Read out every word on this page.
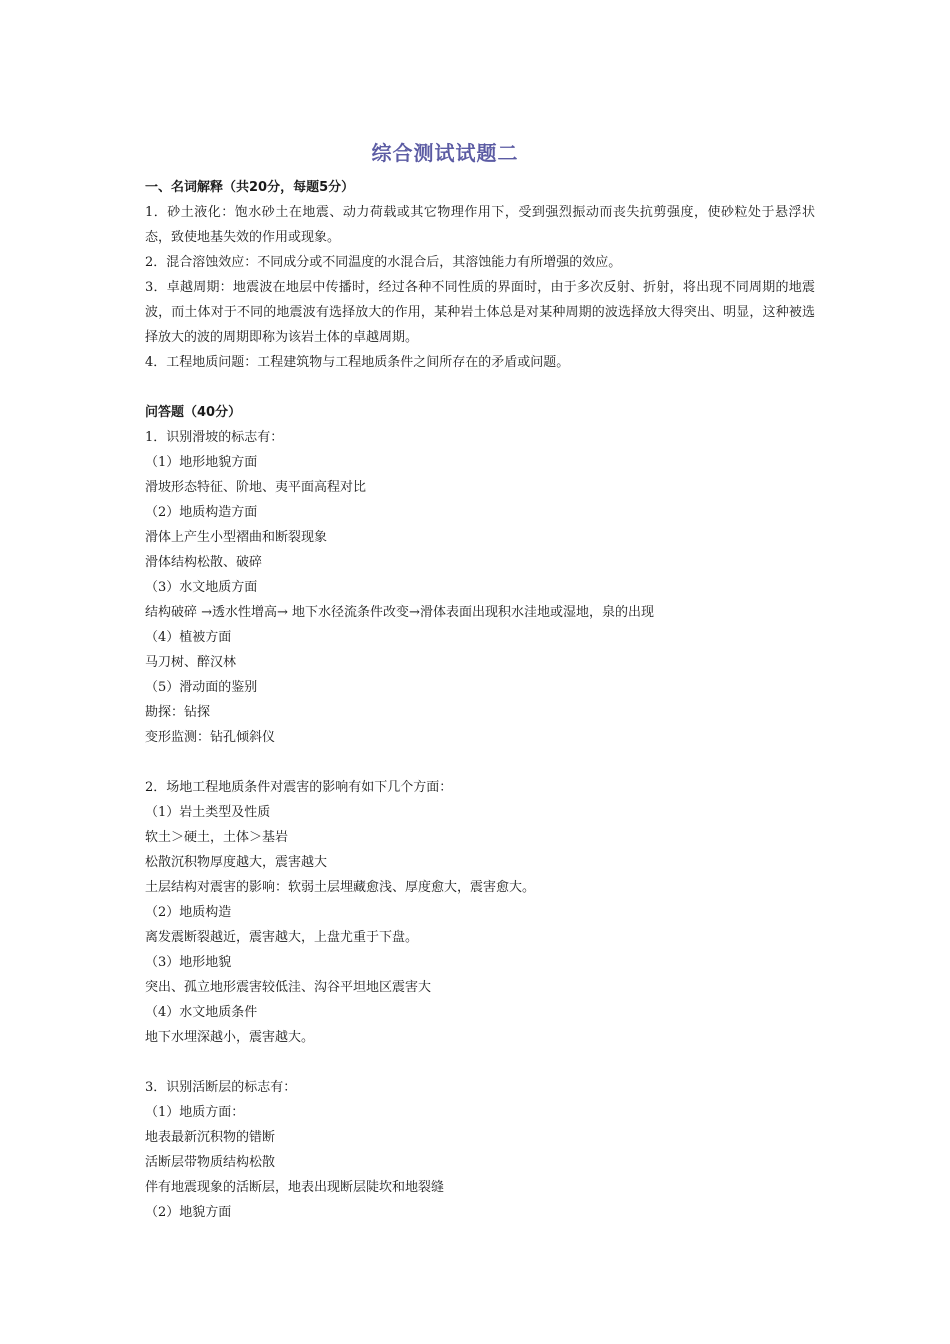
综合测试试题二
一、名词解释（共20分，每题5分）
1．砂土液化：饱水砂土在地震、动力荷载或其它物理作用下，受到强烈振动而丧失抗剪强度，使砂粒处于悬浮状态，致使地基失效的作用或现象。
2．混合溶蚀效应：不同成分或不同温度的水混合后，其溶蚀能力有所增强的效应。
3．卓越周期：地震波在地层中传播时，经过各种不同性质的界面时，由于多次反射、折射，将出现不同周期的地震波，而土体对于不同的地震波有选择放大的作用，某种岩土体总是对某种周期的波选择放大得突出、明显，这种被选择放大的波的周期即称为该岩土体的卓越周期。
4．工程地质问题：工程建筑物与工程地质条件之间所存在的矛盾或问题。
问答题（40分）
1．识别滑坡的标志有：
（1）地形地貌方面
滑坡形态特征、阶地、夷平面高程对比
（2）地质构造方面
滑体上产生小型褶曲和断裂现象
滑体结构松散、破碎
（3）水文地质方面
结构破碎 →透水性增高→ 地下水径流条件改变→滑体表面出现积水洼地或湿地，泉的出现
（4）植被方面
马刀树、醉汉林
（5）滑动面的鉴别
勘探：钻探
变形监测：钻孔倾斜仪
2．场地工程地质条件对震害的影响有如下几个方面：
（1）岩土类型及性质
软土＞硬土，土体＞基岩
松散沉积物厚度越大，震害越大
土层结构对震害的影响：软弱土层埋藏愈浅、厚度愈大，震害愈大。
（2）地质构造
离发震断裂越近，震害越大，上盘尤重于下盘。
（3）地形地貌
突出、孤立地形震害较低洼、沟谷平坦地区震害大
（4）水文地质条件
地下水埋深越小，震害越大。
3．识别活断层的标志有：
（1）地质方面：
地表最新沉积物的错断
活断层带物质结构松散
伴有地震现象的活断层，地表出现断层陡坎和地裂缝
（2）地貌方面
